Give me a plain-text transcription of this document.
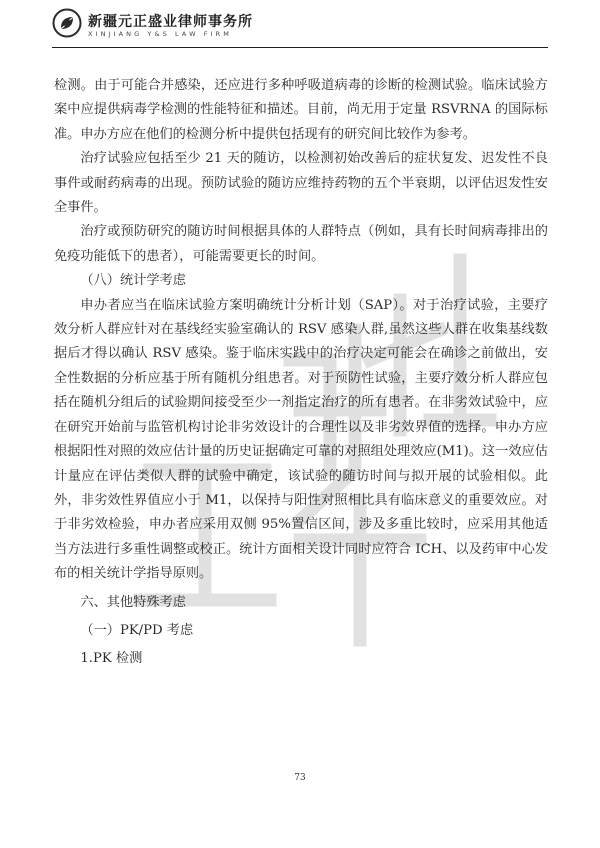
新疆元正盛业律师事务所
XINJIANG Y&S LAW FIRM

检测。由于可能合并感染，还应进行多种呼吸道病毒的诊断的检测试验。临床试验方案中应提供病毒学检测的性能特征和描述。目前，尚无用于定量 RSVRNA 的国际标准。申办方应在他们的检测分析中提供包括现有的研究间比较作为参考。

治疗试验应包括至少 21 天的随访，以检测初始改善后的症状复发、迟发性不良事件或耐药病毒的出现。预防试验的随访应维持药物的五个半衰期，以评估迟发性安全事件。

治疗或预防研究的随访时间根据具体的人群特点（例如，具有长时间病毒排出的免疫功能低下的患者），可能需要更长的时间。

（八）统计学考虑

申办者应当在临床试验方案明确统计分析计划（SAP）。对于治疗试验，主要疗效分析人群应针对在基线经实验室确认的 RSV 感染人群,虽然这些人群在收集基线数据后才得以确认 RSV 感染。鉴于临床实践中的治疗决定可能会在确诊之前做出，安全性数据的分析应基于所有随机分组患者。对于预防性试验，主要疗效分析人群应包括在随机分组后的试验期间接受至少一剂指定治疗的所有患者。在非劣效试验中，应在研究开始前与监管机构讨论非劣效设计的合理性以及非劣效界值的选择。申办方应根据阳性对照的效应估计量的历史证据确定可靠的对照组处理效应(M1)。这一效应估计量应在评估类似人群的试验中确定，该试验的随访时间与拟开展的试验相似。此外，非劣效性界值应小于 M1，以保持与阳性对照相比具有临床意义的重要效应。对于非劣效检验，申办者应采用双侧 95%置信区间，涉及多重比较时，应采用其他适当方法进行多重性调整或校正。统计方面相关设计同时应符合 ICH、以及药审中心发布的相关统计学指导原则。

六、其他特殊考虑

（一）PK/PD 考虑

1.PK 检测

73
